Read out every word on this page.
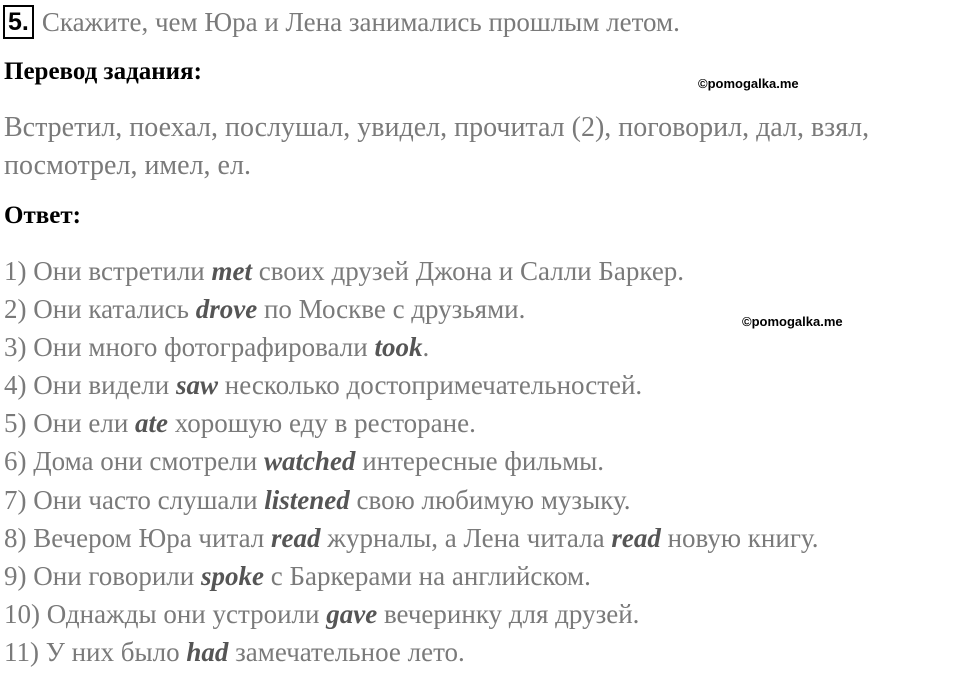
5. Скажите, чем Юра и Лена занимались прошлым летом.
Перевод задания:	©pomogalka.me
Встретил, поехал, послушал, увидел, прочитал (2), поговорил, дал, взял, посмотрел, имел, ел.
Ответ:
1) Они встретили met своих друзей Джона и Салли Баркер.
2) Они катались drove по Москве с друзьями.
3) Они много фотографировали took.
4) Они видели saw несколько достопримечательностей.
5) Они ели ate хорошую еду в ресторане.
6) Дома они смотрели watched интересные фильмы.
7) Они часто слушали listened свою любимую музыку.
8) Вечером Юра читал read журналы, а Лена читала read новую книгу.
9) Они говорили spoke с Баркерами на английском.
10) Однажды они устроили gave вечеринку для друзей.
11) У них было had замечательное лето.
©pomogalka.me
